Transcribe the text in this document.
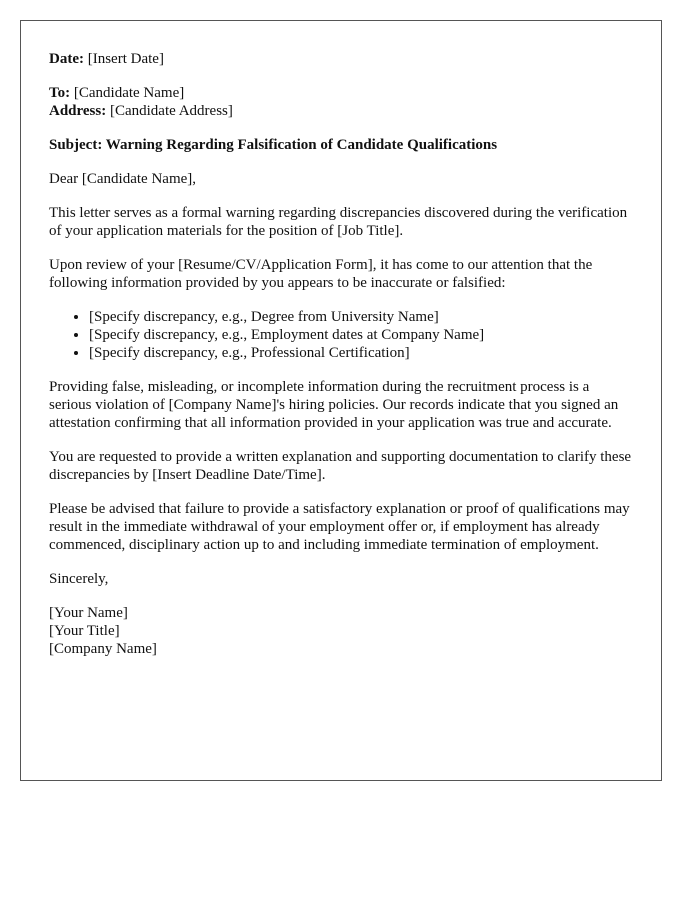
Date: [Insert Date]

To: [Candidate Name]

Address: [Candidate Address]

Subject: Warning Regarding Falsification of Candidate Qualifications

Dear [Candidate Name],

This letter serves as a formal warning regarding discrepancies discovered during the verification of your application materials for the position of [Job Title].

Upon review of your [Resume/CV/Application Form], it has come to our attention that the following information provided by you appears to be inaccurate or falsified:

• [Specify discrepancy, e.g., Degree from University Name]
• [Specify discrepancy, e.g., Employment dates at Company Name]
• [Specify discrepancy, e.g., Professional Certification]

Providing false, misleading, or incomplete information during the recruitment process is a serious violation of [Company Name]'s hiring policies. Our records indicate that you signed an attestation confirming that all information provided in your application was true and accurate.

You are requested to provide a written explanation and supporting documentation to clarify these discrepancies by [Insert Deadline Date/Time].

Please be advised that failure to provide a satisfactory explanation or proof of qualifications may result in the immediate withdrawal of your employment offer or, if employment has already commenced, disciplinary action up to and including immediate termination of employment.

Sincerely,

[Your Name]
[Your Title]
[Company Name]
